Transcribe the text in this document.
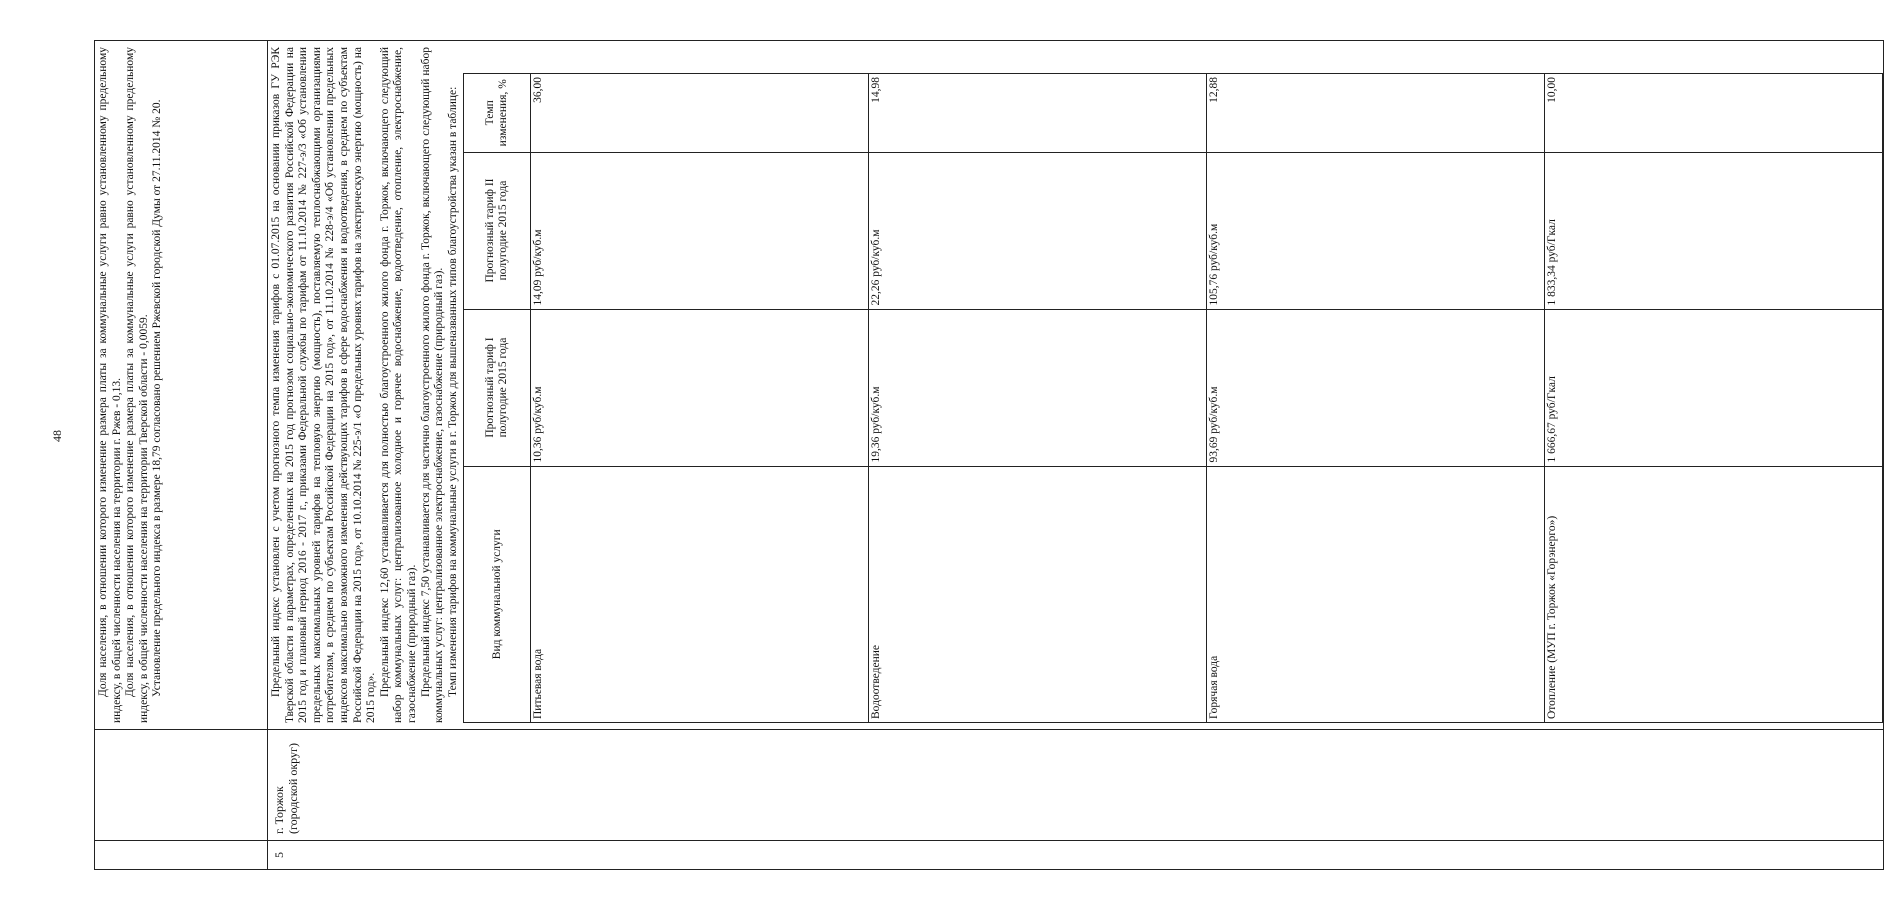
48
			Доля населения, в отношении которого изменение размера платы за коммунальные услуги равно установленному предельному индексу, в общей численности населения на территории г. Ржев - 0,13. Доля населения, в отношении которого изменение размера платы за коммунальные услуги равно установленному предельному индексу, в общей численности населения на территории Тверской области - 0,0059. Установление предельного индекса в размере 18,79 согласовано решением Ржевской городской Думы от 27.11.2014 № 20.

5	
г. Торжок (городской округ)

Предельный индекс установлен с учетом прогнозного темпа изменения тарифов с 01.07.2015 на основании приказов ГУ РЭК Тверской области в параметрах, определенных на 2015 год прогнозом социально-экономического развития Российской Федерации на 2015 год и плановый период 2016 - 2017 г., приказами Федеральной службы по тарифам от 11.10.2014 № 227-э/3 «Об установлении предельных максимальных уровней тарифов на тепловую энергию (мощность), поставляемую теплоснабжающими организациями потребителям, в среднем по субъектам Российской Федерации на 2015 год», от 11.10.2014 № 228-э/4 «Об установлении предельных индексов максимально возможного изменения действующих тарифов в сфере водоснабжения и водоотведения, в среднем по субъектам Российской Федерации на 2015 год», от 10.10.2014 № 225-э/1 «О предельных уровнях тарифов на электрическую энергию (мощность) на 2015 год».

Предельный индекс 12,60 устанавливается для полностью благоустроенного жилого фонда г. Торжок, включающего следующий набор коммунальных услуг: централизованное холодное и горячее водоснабжение, водоотведение, отопление, электроснабжение, газоснабжение (природный газ). Предельный индекс 7,50 устанавливается для частично благоустроенного жилого фонда г. Торжок, включающего следующий набор коммунальных услуг: централизованное электроснабжение, газоснабжение (природный газ). Темп изменения тарифов на коммунальные услуги в г. Торжок для вышеназванных типов благоустройства указан в таблице:	Вид коммунальной услуги	Прогнозный тариф I полугодие 2015 года	Прогнозный тариф II полугодие 2015 года	Темп изменения, %
Питьевая вода	10,36 руб/куб.м	14,09 руб/куб.м	36,00
Водоотведение	19,36 руб/куб.м	22,26 руб/куб.м	14,98
Горячая вода	93,69 руб/куб.м	105,76 руб/куб.м	12,88
Отопление (МУП г. Торжок «Горэнерго»)	1 666,67 руб/Гкал	1 833,34 руб/Гкал	10,00
